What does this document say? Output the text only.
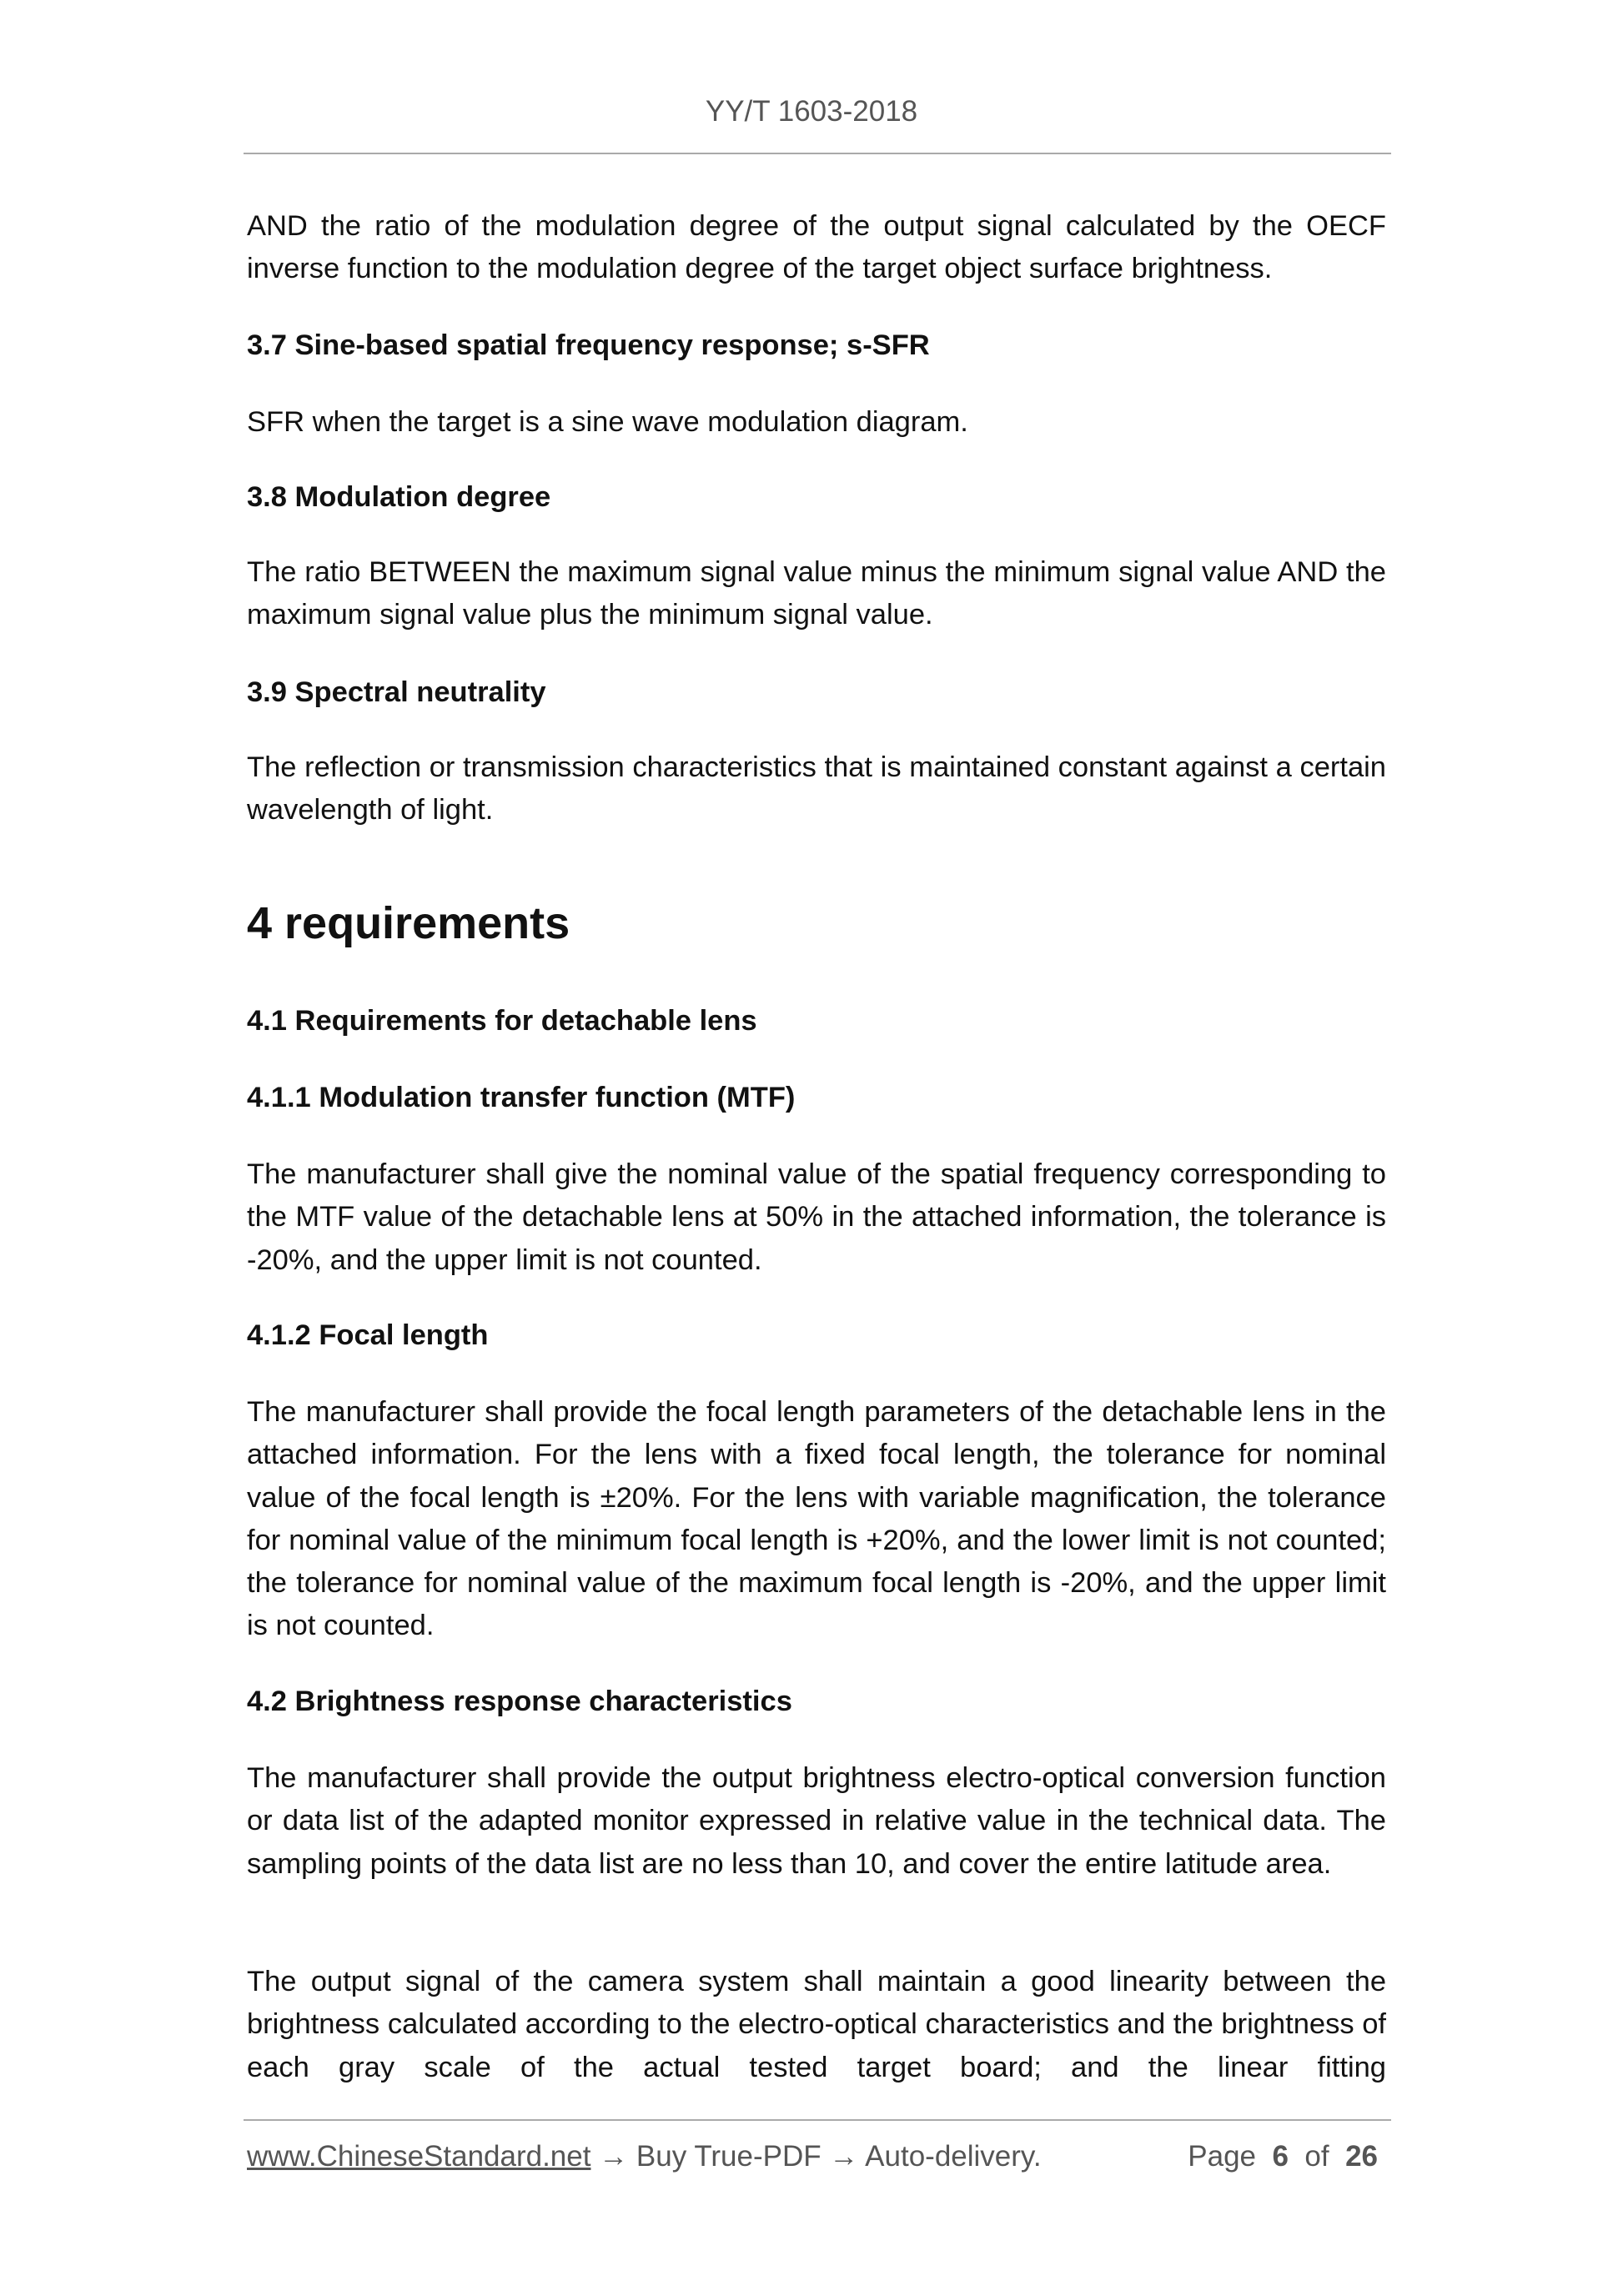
YY/T 1603-2018
AND the ratio of the modulation degree of the output signal calculated by the OECF inverse function to the modulation degree of the target object surface brightness.
3.7 Sine-based spatial frequency response; s-SFR
SFR when the target is a sine wave modulation diagram.
3.8 Modulation degree
The ratio BETWEEN the maximum signal value minus the minimum signal value AND the maximum signal value plus the minimum signal value.
3.9 Spectral neutrality
The reflection or transmission characteristics that is maintained constant against a certain wavelength of light.
4 requirements
4.1 Requirements for detachable lens
4.1.1 Modulation transfer function (MTF)
The manufacturer shall give the nominal value of the spatial frequency corresponding to the MTF value of the detachable lens at 50% in the attached information, the tolerance is -20%, and the upper limit is not counted.
4.1.2 Focal length
The manufacturer shall provide the focal length parameters of the detachable lens in the attached information. For the lens with a fixed focal length, the tolerance for nominal value of the focal length is ±20%. For the lens with variable magnification, the tolerance for nominal value of the minimum focal length is +20%, and the lower limit is not counted; the tolerance for nominal value of the maximum focal length is -20%, and the upper limit is not counted.
4.2 Brightness response characteristics
The manufacturer shall provide the output brightness electro-optical conversion function or data list of the adapted monitor expressed in relative value in the technical data. The sampling points of the data list are no less than 10, and cover the entire latitude area.
The output signal of the camera system shall maintain a good linearity between the brightness calculated according to the electro-optical characteristics and the brightness of each gray scale of the actual tested target board; and the linear fitting
www.ChineseStandard.net → Buy True-PDF → Auto-delivery.	Page 6 of 26
